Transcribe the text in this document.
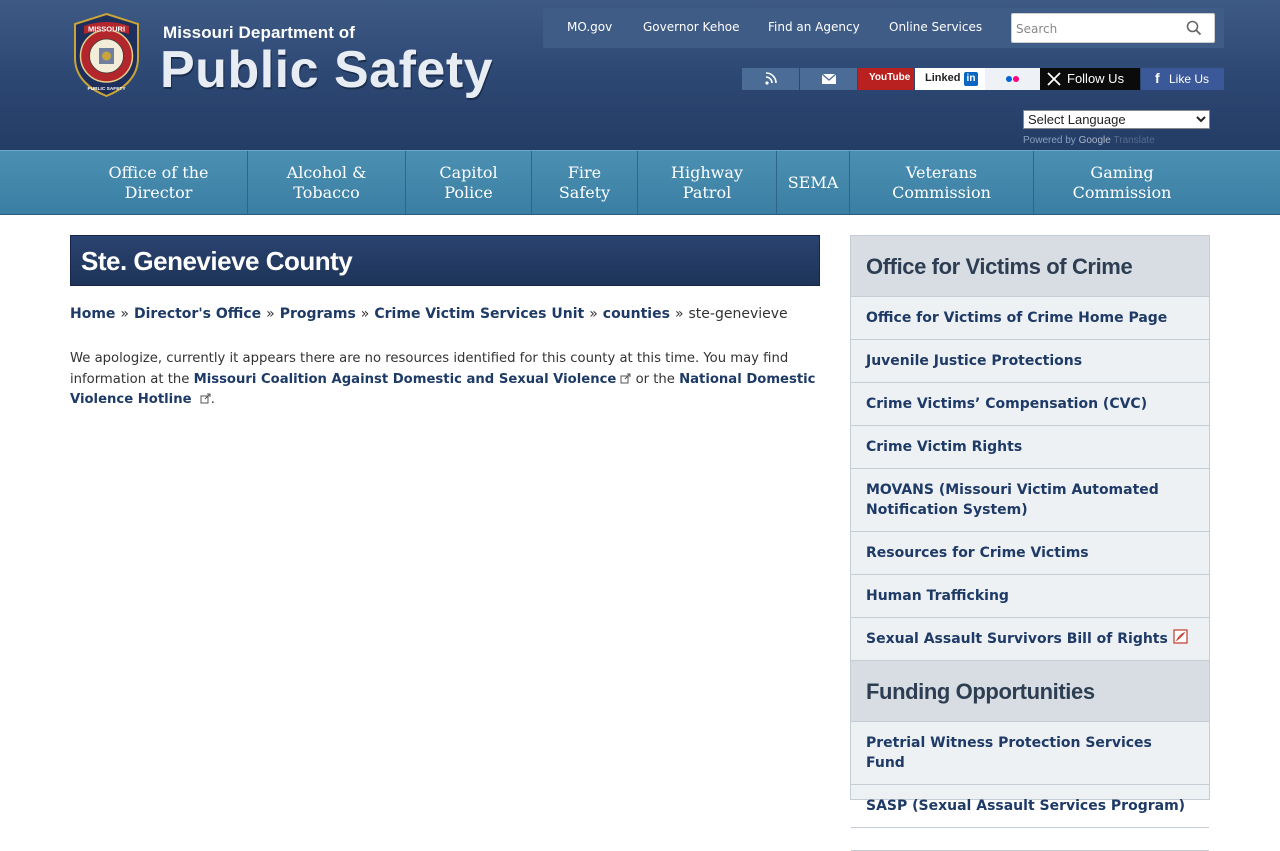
MISSOURI
PUBLIC SAFETY
Missouri Department of
Public Safety
MO.gov	Governor Kehoe Find an Agency Online Services
Search
YouTube Linked in	Follow Us f Like Us
Select Language
Powered by Google Translate
Office of the
Director
Alcohol &
Tobacco
Capitol
Police
Fire
Safety
Highway
Patrol
SEMA
Veterans
Commission
Gaming
Commission
Ste. Genevieve County
Home » Director's Office » Programs » Crime Victim Services Unit » counties » ste-genevieve

We apologize, currently it appears there are no resources identified for this county at this time. You may find information at the Missouri Coalition Against Domestic and Sexual Violence or the National Domestic Violence Hotline .

Office for Victims of Crime
Office for Victims of Crime Home Page
Juvenile Justice Protections
Crime Victims’ Compensation (CVC)
Crime Victim Rights
MOVANS (Missouri Victim Automated Notification System)
Resources for Crime Victims
Human Trafficking
Sexual Assault Survivors Bill of Rights
Funding Opportunities
Pretrial Witness Protection Services Fund
SASP (Sexual Assault Services Program)
